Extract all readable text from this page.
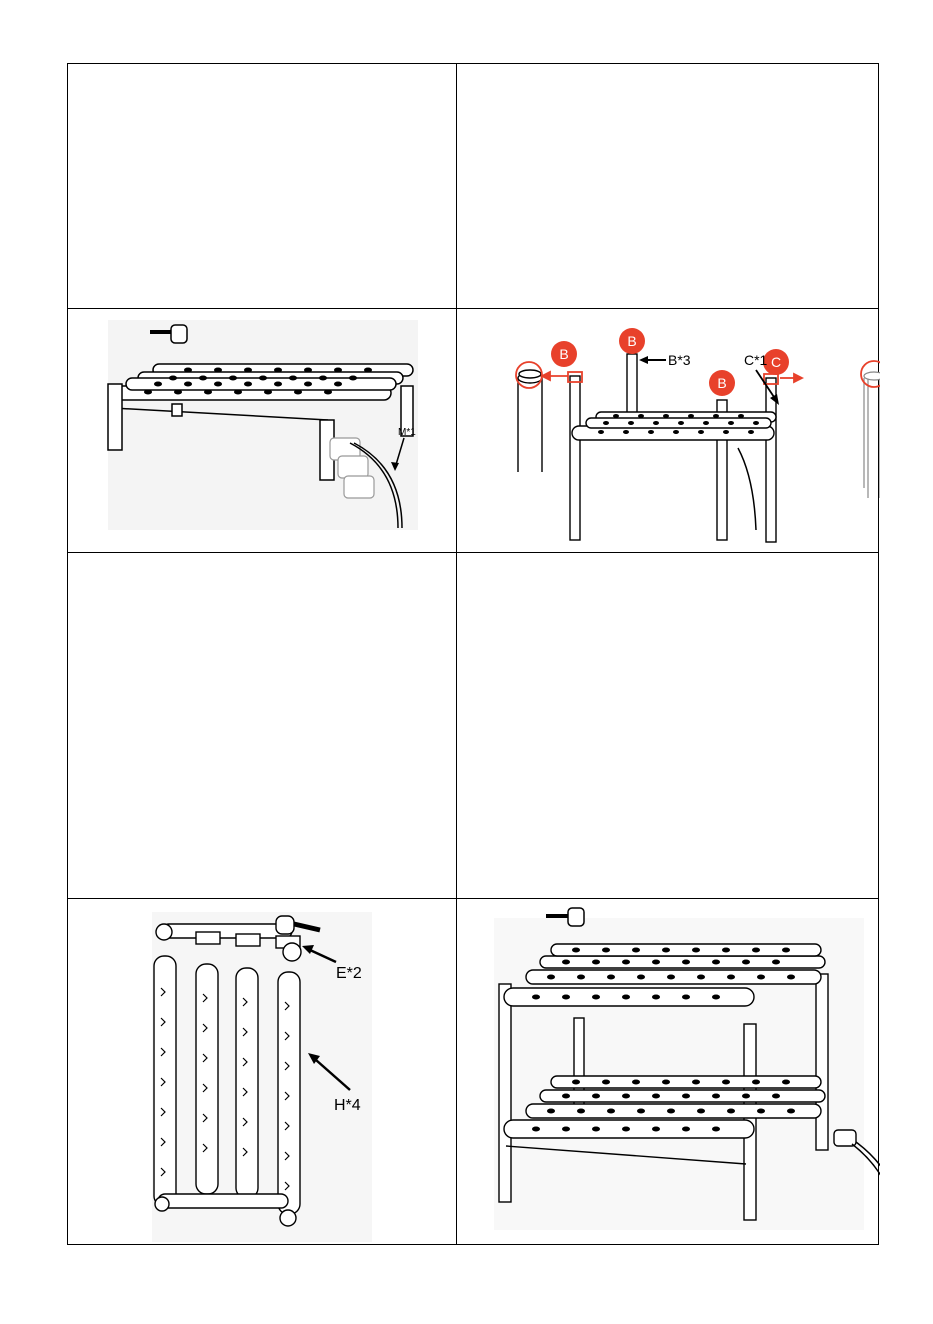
M*1
B
B
B
C
B*3	C*1
E*2
H*4
